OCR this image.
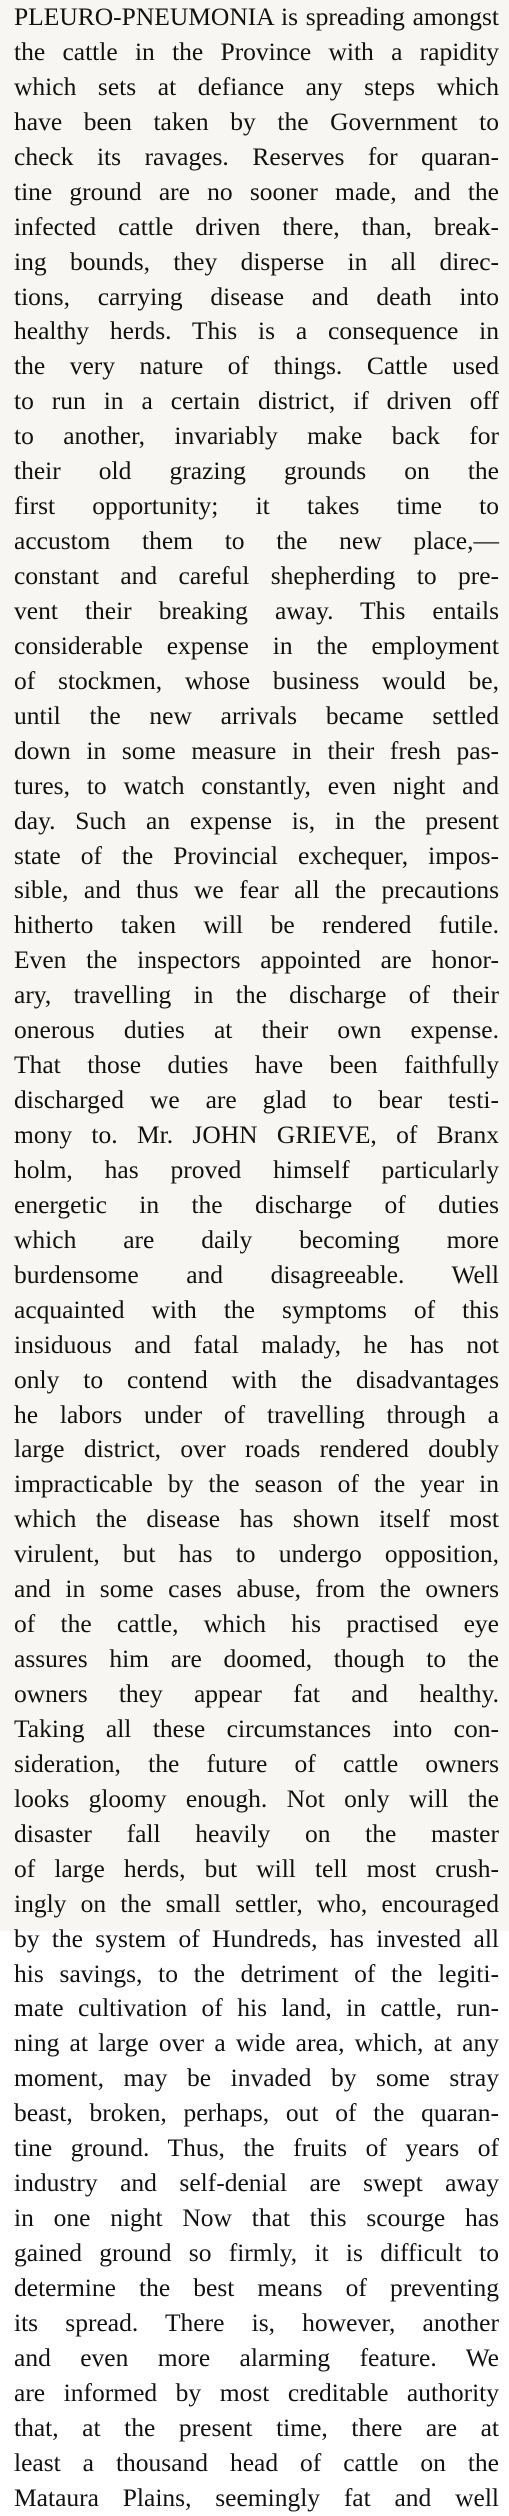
PLEURO-PNEUMONIA is spreading amongst
the cattle in the Province with a rapidity
which sets at defiance any steps which
have been taken by the Government to
check its ravages. Reserves for quaran-
tine ground are no sooner made, and the
infected cattle driven there, than, break-
ing bounds, they disperse in all direc-
tions, carrying disease and death into
healthy herds. This is a consequence in
the very nature of things. Cattle used
to run in a certain district, if driven off
to another, invariably make back for
their old grazing grounds on the
first opportunity; it takes time to
accustom them to the new place,—
constant and careful shepherding to pre-
vent their breaking away. This entails
considerable expense in the employment
of stockmen, whose business would be,
until the new arrivals became settled
down in some measure in their fresh pas-
tures, to watch constantly, even night and
day. Such an expense is, in the present
state of the Provincial exchequer, impos-
sible, and thus we fear all the precautions
hitherto taken will be rendered futile.
Even the inspectors appointed are honor-
ary, travelling in the discharge of their
onerous duties at their own expense.
That those duties have been faithfully
discharged we are glad to bear testi-
mony to. Mr. JOHN GRIEVE, of Branx
holm, has proved himself particularly
energetic in the discharge of duties
which are daily becoming more
burdensome and disagreeable. Well
acquainted with the symptoms of this
insiduous and fatal malady, he has not
only to contend with the disadvantages
he labors under of travelling through a
large district, over roads rendered doubly
impracticable by the season of the year in
which the disease has shown itself most
virulent, but has to undergo opposition,
and in some cases abuse, from the owners
of the cattle, which his practised eye
assures him are doomed, though to the
owners they appear fat and healthy.
Taking all these circumstances into con-
sideration, the future of cattle owners
looks gloomy enough. Not only will the
disaster fall heavily on the master
of large herds, but will tell most crush-
ingly on the small settler, who, encouraged
by the system of Hundreds, has invested all
his savings, to the detriment of the legiti-
mate cultivation of his land, in cattle, run-
ning at large over a wide area, which, at any
moment, may be invaded by some stray
beast, broken, perhaps, out of the quaran-
tine ground. Thus, the fruits of years of
industry and self-denial are swept away
in one night Now that this scourge has
gained ground so firmly, it is difficult to
determine the best means of preventing
its spread. There is, however, another
and even more alarming feature. We
are informed by most creditable authority
that, at the present time, there are at
least a thousand head of cattle on the
Mataura Plains, seemingly fat and well
